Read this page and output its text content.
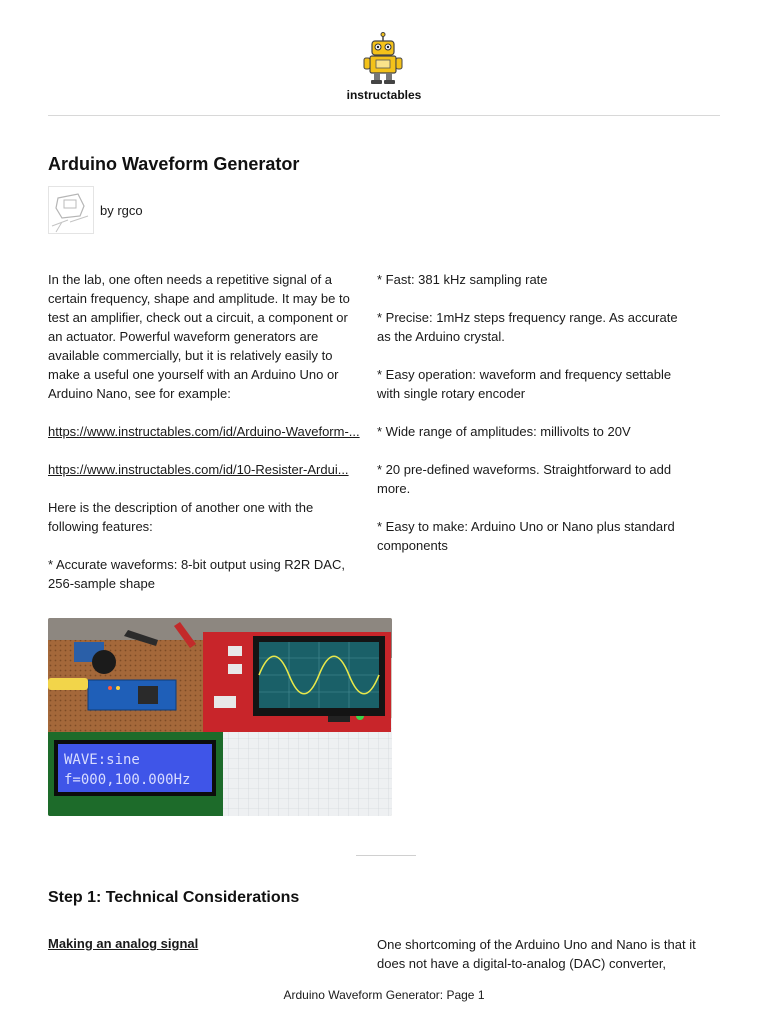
instructables
Arduino Waveform Generator
by rgco

In the lab, one often needs a repetitive signal of a certain frequency, shape and amplitude. It may be to test an amplifier, check out a circuit, a component or an actuator. Powerful waveform generators are available commercially, but it is relatively easily to make a useful one yourself with an Arduino Uno or Arduino Nano, see for example:

https://www.instructables.com/id/Arduino-Waveform-...

https://www.instructables.com/id/10-Resister-Ardui...

Here is the description of another one with the following features:

* Accurate waveforms: 8-bit output using R2R DAC, 256-sample shape

* Fast: 381 kHz sampling rate

* Precise: 1mHz steps frequency range. As accurate as the Arduino crystal.

* Easy operation: waveform and frequency settable with single rotary encoder

* Wide range of amplitudes: millivolts to 20V

* 20 pre-defined waveforms. Straightforward to add more.

* Easy to make: Arduino Uno or Nano plus standard components

WAVE:sine
f=000,100.000Hz
Step 1: Technical Considerations
Making an analog signal	One shortcoming of the Arduino Uno and Nano is that it does not have a digital-to-analog (DAC) converter,
Arduino Waveform Generator: Page 1
